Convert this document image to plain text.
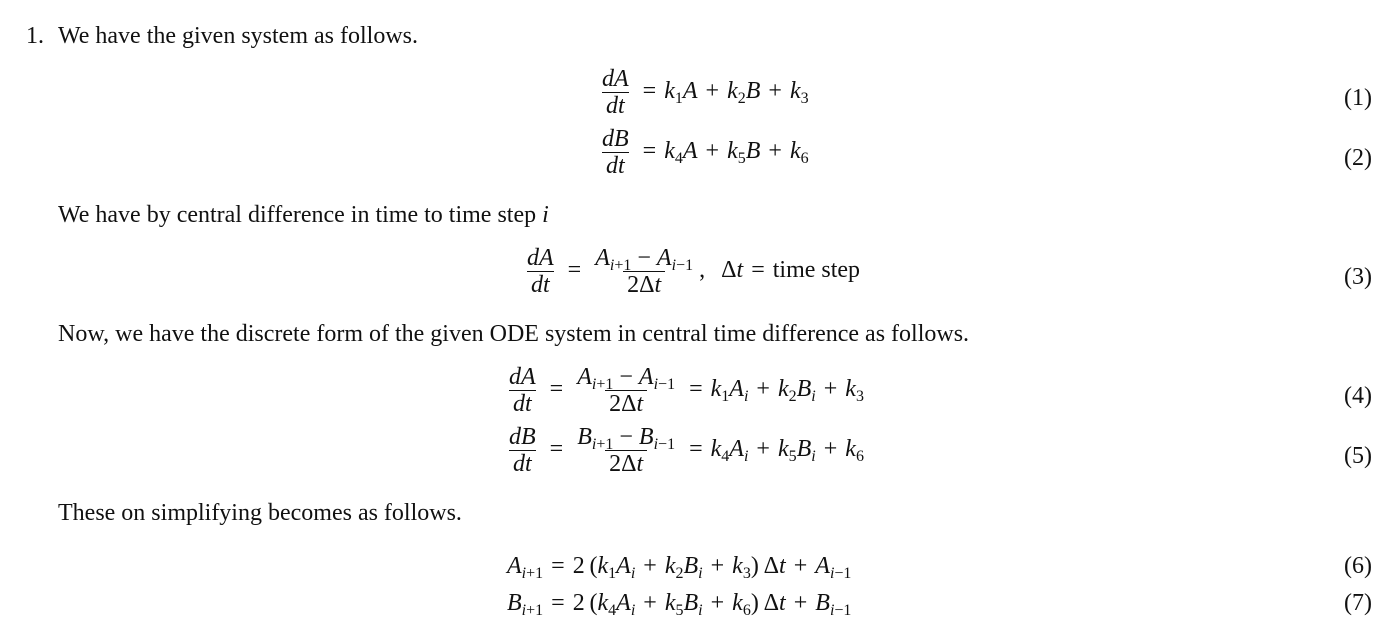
1. We have the given system as follows.
$\frac{dA}{dt} = k_1A + k_2B + k_3$	(1)
$\frac{dB}{dt} = k_4A + k_5B + k_6$	(2)
We have by central difference in time to time step i
$\frac{dA}{dt} = \frac{A_{i+1} - A_{i-1}}{2\Delta t}$ , Δt = time step	(3)
Now, we have the discrete form of the given ODE system in central time difference as follows.
$\frac{dA}{dt} = \frac{A_{i+1} - A_{i-1}}{2\Delta t} = k_1A_i + k_2B_i + k_3$	(4)
$\frac{dB}{dt} = \frac{B_{i+1} - B_{i-1}}{2\Delta t} = k_4A_i + k_5B_i + k_6$	(5)
These on simplifying becomes as follows.
$A_{i+1} = 2$ $(k_1A_i + k_2B_i + k_3) \Delta t + A_{i-1}$	(6)
$B_{i+1} = 2$ $(k_4A_i + k_5B_i + k_6) \Delta t + B_{i-1}$	(7)
